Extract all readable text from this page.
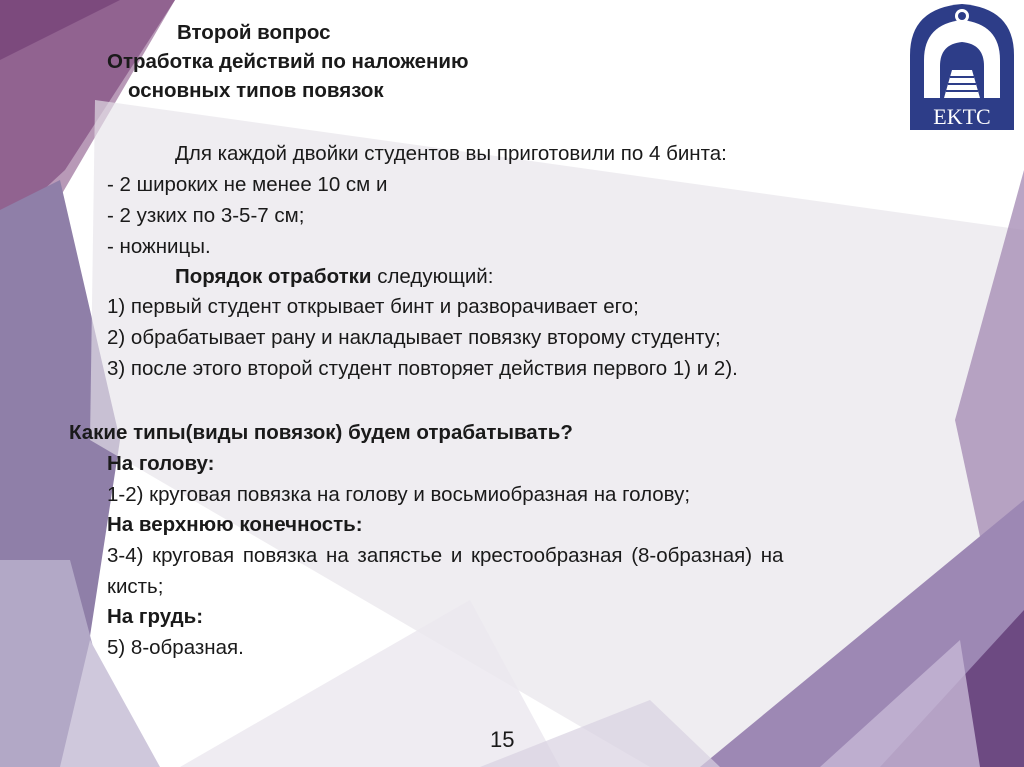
EKTC
Второй вопрос
Отработка действий по наложению
основных типов повязок
Для каждой двойки студентов вы приготовили по 4 бинта:
- 2 широких не менее 10 см и
- 2 узких по 3-5-7 см;
- ножницы.
Порядок отработки следующий:
1) первый студент открывает бинт и разворачивает его;
2) обрабатывает рану и накладывает повязку второму студенту;
3) после этого второй студент повторяет действия первого 1) и 2).
Какие типы(виды повязок) будем отрабатывать?
На голову:
1-2) круговая повязка на голову и восьмиобразная на голову;
На верхнюю конечность:
3-4) круговая повязка на запястье и крестообразная (8-образная) на
кисть;
На грудь:
5) 8-образная.
15
